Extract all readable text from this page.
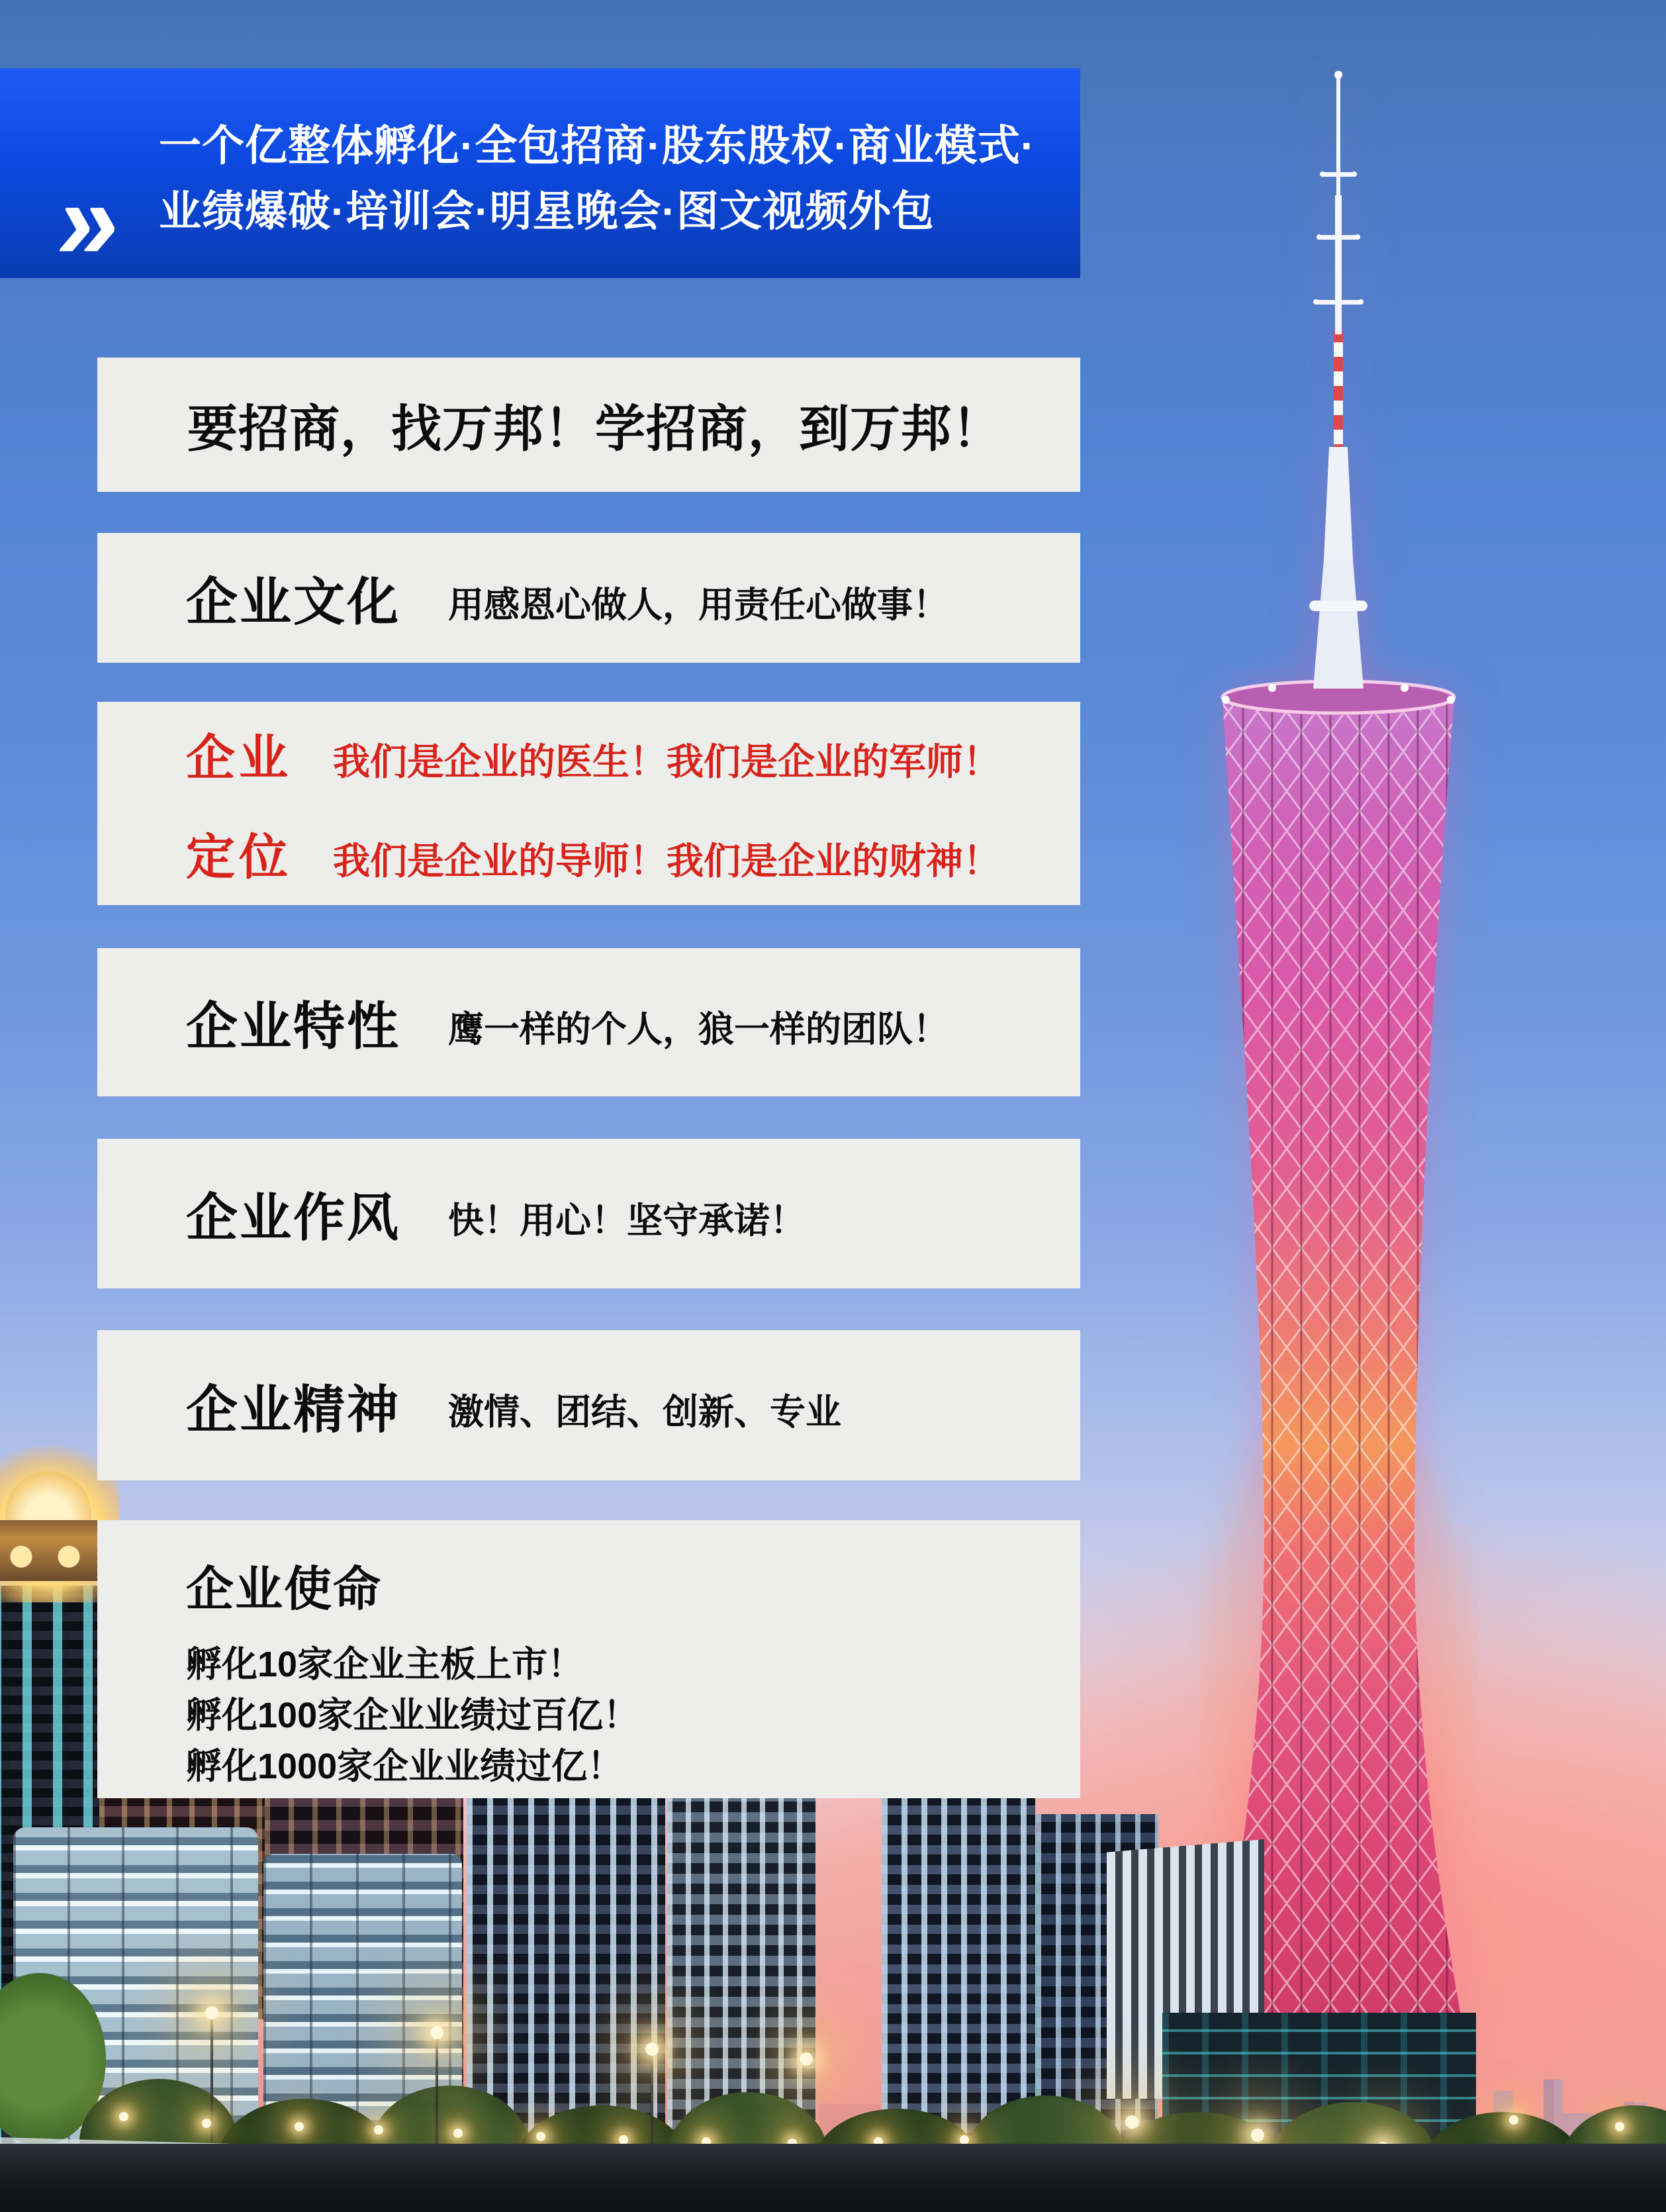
»
一个亿整体孵化·全包招商·股东股权·商业模式·
业绩爆破·培训会·明星晚会·图文视频外包
要招商，找万邦！学招商，到万邦！
企业文化 用感恩心做人，用责任心做事！
企业 我们是企业的医生！我们是企业的军师！
定位 我们是企业的导师！我们是企业的财神！
企业特性 鹰一样的个人，狼一样的团队！
企业作风 快！用心！坚守承诺！
企业精神 激情、团结、创新、专业
企业使命
孵化10家企业主板上市！
孵化100家企业业绩过百亿！
孵化1000家企业业绩过亿！
